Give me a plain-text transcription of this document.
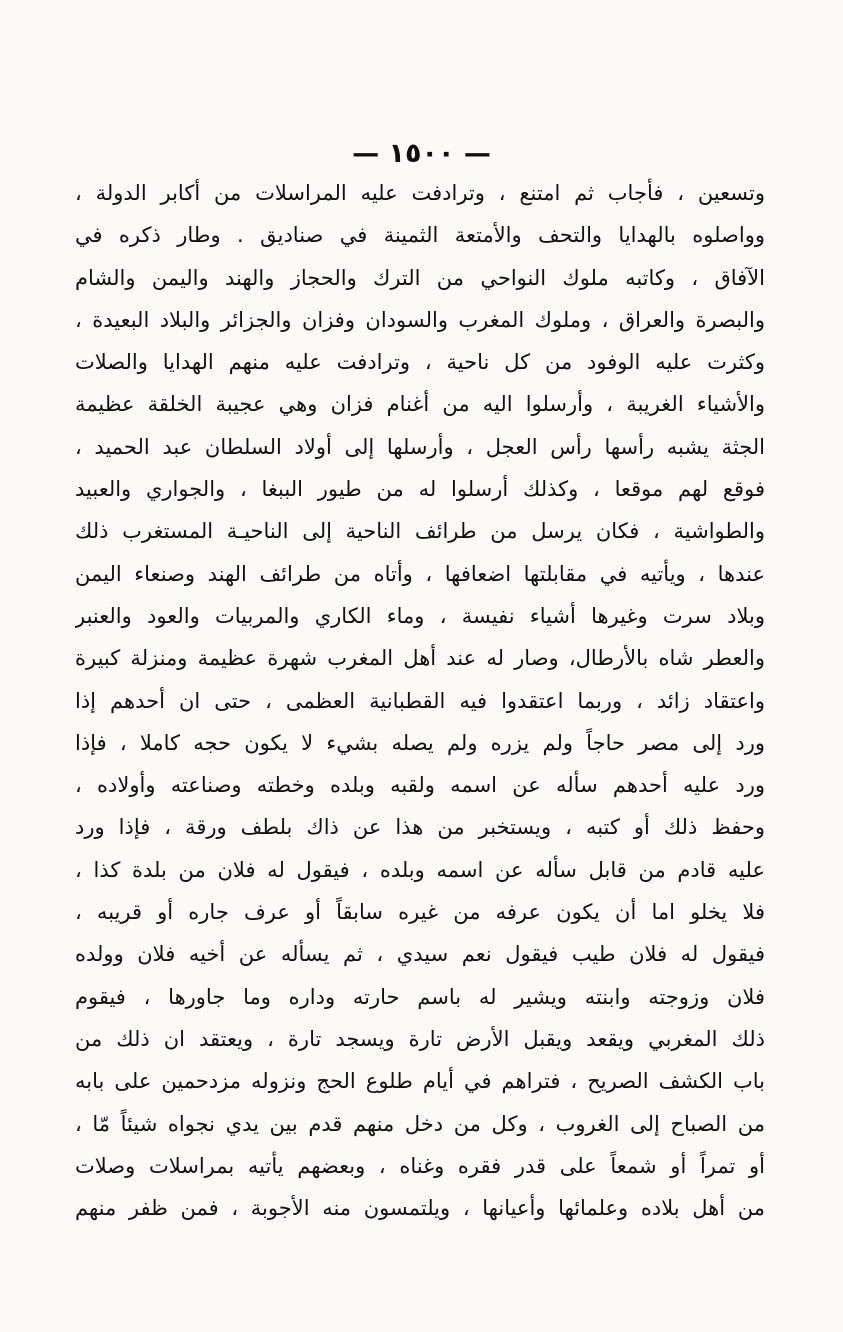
— ١٥٠٠ —
وتسعين ، فأجاب ثم امتنع ، وترادفت عليه المراسلات من أكابر الدولة ،
وواصلوه بالهدايا والتحف والأمتعة الثمينة في صناديق . وطار ذكره في
الآفاق ، وكاتبه ملوك النواحي من الترك والحجاز والهند واليمن والشام
والبصرة والعراق ، وملوك المغرب والسودان وفزان والجزائر والبلاد البعيدة ،
وكثرت عليه الوفود من كل ناحية ، وترادفت عليه منهم الهدايا والصلات
والأشياء الغريبة ، وأرسلوا اليه من أغنام فزان وهي عجيبة الخلقة عظيمة
الجثة يشبه رأسها رأس العجل ، وأرسلها إلى أولاد السلطان عبد الحميد ،
فوقع لهم موقعا ، وكذلك أرسلوا له من طيور الببغا ، والجواري والعبيد
والطواشية ، فكان يرسل من طرائف الناحية إلى الناحيـة المستغرب ذلك
عندها ، ويأتيه في مقابلتها اضعافها ، وأتاه من طرائف الهند وصنعاء اليمن
وبلاد سرت وغيرها أشياء نفيسة ، وماء الكاري والمربيات والعود والعنبر
والعطر شاه بالأرطال، وصار له عند أهل المغرب شهرة عظيمة ومنزلة كبيرة
واعتقاد زائد ، وربما اعتقدوا فيه القطبانية العظمى ، حتى ان أحدهم إذا
ورد إلى مصر حاجاً ولم يزره ولم يصله بشيء لا يكون حجه كاملا ، فإذا
ورد عليه أحدهم سأله عن اسمه ولقبه وبلده وخطته وصناعته وأولاده ،
وحفظ ذلك أو كتبه ، ويستخبر من هذا عن ذاك بلطف ورقة ، فإذا ورد
عليه قادم من قابل سأله عن اسمه وبلده ، فيقول له فلان من بلدة كذا ،
فلا يخلو اما أن يكون عرفه من غيره سابقاً أو عرف جاره أو قريبه ،
فيقول له فلان طيب فيقول نعم سيدي ، ثم يسأله عن أخيه فلان وولده
فلان وزوجته وابنته ويشير له باسم حارته وداره وما جاورها ، فيقوم
ذلك المغربي ويقعد ويقبل الأرض تارة ويسجد تارة ، ويعتقد ان ذلك من
باب الكشف الصريح ، فتراهم في أيام طلوع الحج ونزوله مزدحمين على بابه
من الصباح إلى الغروب ، وكل من دخل منهم قدم بين يدي نجواه شيئاً مّا ،
أو تمراً أو شمعاً على قدر فقره وغناه ، وبعضهم يأتيه بمراسلات وصلات
من أهل بلاده وعلمائها وأعيانها ، ويلتمسون منه الأجوبة ، فمن ظفر منهم
